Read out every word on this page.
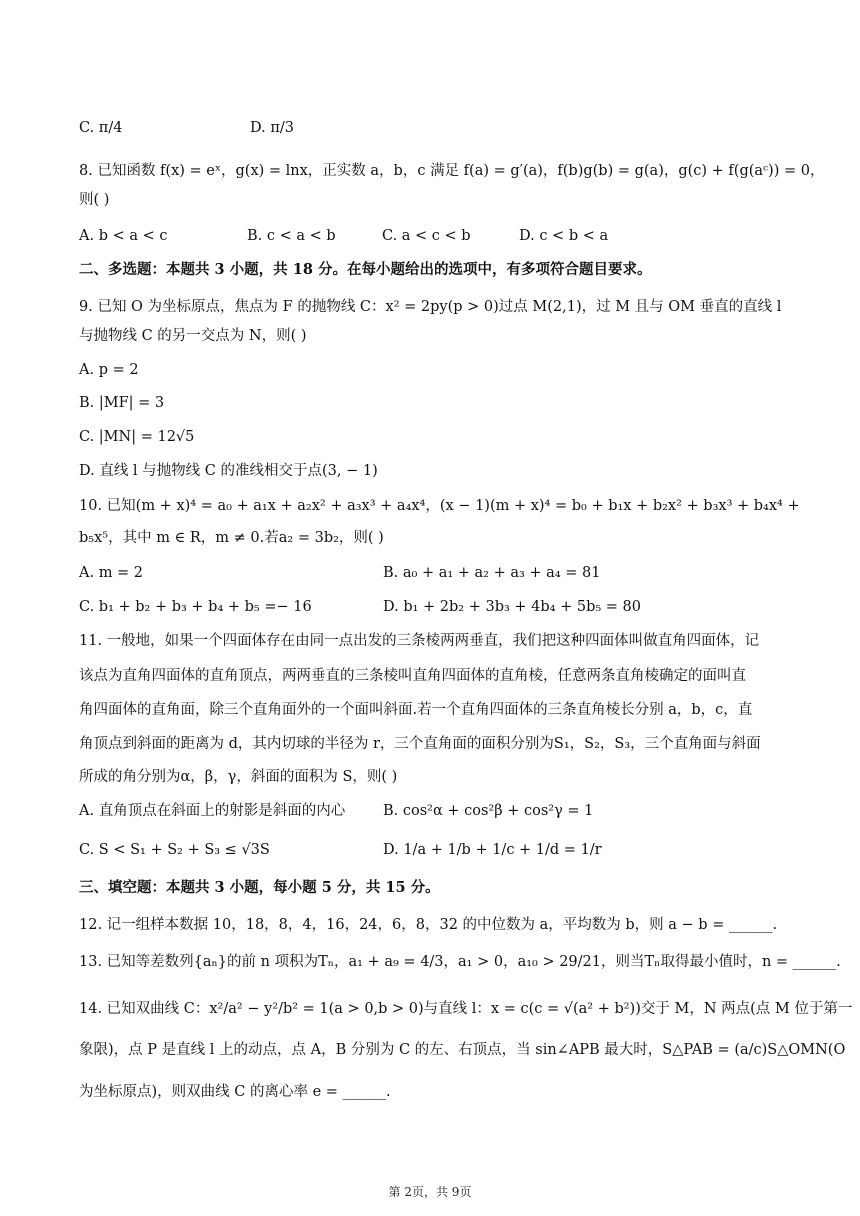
C. π/4	D. π/3
8. 已知函数 f(x) = eˣ，g(x) = lnx，正实数 a，b，c 满足 f(a) = g′(a)，f(b)g(b) = g(a)，g(c) + f(g(aᶜ)) = 0，
则( )
A. b < a < c	B. c < a < b	C. a < c < b	D. c < b < a
二、多选题：本题共 3 小题，共 18 分。在每小题给出的选项中，有多项符合题目要求。
9. 已知 O 为坐标原点，焦点为 F 的抛物线 C：x² = 2py(p > 0)过点 M(2,1)，过 M 且与 OM 垂直的直线 l
与抛物线 C 的另一交点为 N，则( )
A. p = 2
B. |MF| = 3
C. |MN| = 12√5
D. 直线 l 与抛物线 C 的准线相交于点(3, − 1)
10. 已知(m + x)⁴ = a₀ + a₁x + a₂x² + a₃x³ + a₄x⁴，(x − 1)(m + x)⁴ = b₀ + b₁x + b₂x² + b₃x³ + b₄x⁴ +
b₅x⁵，其中 m ∈ R，m ≠ 0.若a₂ = 3b₂，则( )
A. m = 2	B. a₀ + a₁ + a₂ + a₃ + a₄ = 81
C. b₁ + b₂ + b₃ + b₄ + b₅ =− 16	D. b₁ + 2b₂ + 3b₃ + 4b₄ + 5b₅ = 80
11. 一般地，如果一个四面体存在由同一点出发的三条棱两两垂直，我们把这种四面体叫做直角四面体，记
该点为直角四面体的直角顶点，两两垂直的三条棱叫直角四面体的直角棱，任意两条直角棱确定的面叫直
角四面体的直角面，除三个直角面外的一个面叫斜面.若一个直角四面体的三条直角棱长分别 a，b，c，直
角顶点到斜面的距离为 d，其内切球的半径为 r，三个直角面的面积分别为S₁，S₂，S₃，三个直角面与斜面
所成的角分别为α，β，γ，斜面的面积为 S，则( )
A. 直角顶点在斜面上的射影是斜面的内心	B. cos²α + cos²β + cos²γ = 1
C. S < S₁ + S₂ + S₃ ≤ √3S	D. 1/a + 1/b + 1/c + 1/d = 1/r
三、填空题：本题共 3 小题，每小题 5 分，共 15 分。
12. 记一组样本数据 10，18，8，4，16，24，6，8，32 的中位数为 a，平均数为 b，则 a − b = ______.
13. 已知等差数列{aₙ}的前 n 项积为Tₙ，a₁ + a₉ = 4/3，a₁ > 0，a₁₀ > 29/21，则当Tₙ取得最小值时，n = ______.
14. 已知双曲线 C：x²/a² − y²/b² = 1(a > 0,b > 0)与直线 l：x = c(c = √(a² + b²))交于 M，N 两点(点 M 位于第一
象限)，点 P 是直线 l 上的动点，点 A，B 分别为 C 的左、右顶点，当 sin∠APB 最大时，S△PAB = (a/c)S△OMN(O
为坐标原点)，则双曲线 C 的离心率 e = ______.
第 2页，共 9页
